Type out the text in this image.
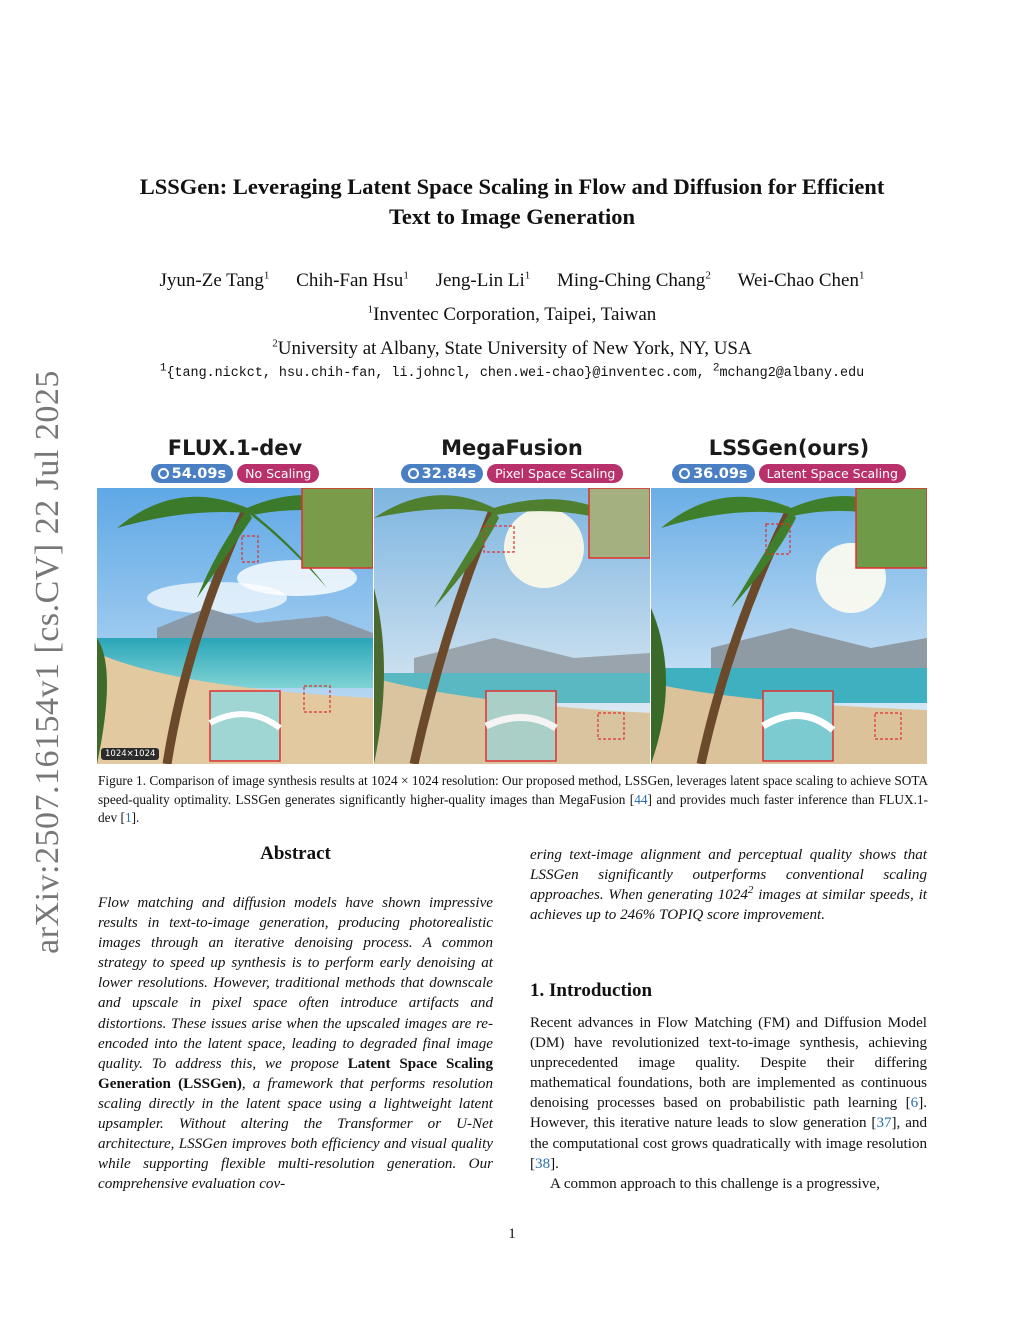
arXiv:2507.16154v1 [cs.CV] 22 Jul 2025
LSSGen: Leveraging Latent Space Scaling in Flow and Diffusion for Efficient
Text to Image Generation
Jyun-Ze Tang$^1$ Chih-Fan Hsu$^1$ Jeng-Lin Li$^1$ Ming-Ching Chang$^2$ Wei-Chao Chen$^1$
$^1$Inventec Corporation, Taipei, Taiwan
$^2$University at Albany, State University of New York, NY, USA
$^1${tang.nickct, hsu.chih-fan, li.johncl, chen.wei-chao}@inventec.com, $^2$mchang2@albany.edu
FLUX.1-dev
54.09s	No Scaling
MegaFusion
32.84s	Pixel Space Scaling
LSSGen(ours)
36.09s	Latent Space Scaling
1024×1024
Figure 1. Comparison of image synthesis results at 1024 × 1024 resolution: Our proposed method, LSSGen, leverages latent space scaling to achieve SOTA speed-quality optimality. LSSGen generates significantly higher-quality images than MegaFusion [44] and provides much faster inference than FLUX.1-dev [1].
Abstract
Flow matching and diffusion models have shown impressive results in text-to-image generation, producing photorealistic images through an iterative denoising process. A common strategy to speed up synthesis is to perform early denoising at lower resolutions. However, traditional methods that downscale and upscale in pixel space often introduce artifacts and distortions. These issues arise when the upscaled images are re-encoded into the latent space, leading to degraded final image quality. To address this, we propose Latent Space Scaling Generation (LSSGen), a framework that performs resolution scaling directly in the latent space using a lightweight latent upsampler. Without altering the Transformer or U-Net architecture, LSSGen improves both efficiency and visual quality while supporting flexible multi-resolution generation. Our comprehensive evaluation cov-
ering text-image alignment and perceptual quality shows that LSSGen significantly outperforms conventional scaling approaches. When generating 1024$^2$ images at similar speeds, it achieves up to 246% TOPIQ score improvement.
1. Introduction
Recent advances in Flow Matching (FM) and Diffusion Model (DM) have revolutionized text-to-image synthesis, achieving unprecedented image quality. Despite their differing mathematical foundations, both are implemented as continuous denoising processes based on probabilistic path learning [6]. However, this iterative nature leads to slow generation [37], and the computational cost grows quadratically with image resolution [38].
A common approach to this challenge is a progressive,
1
